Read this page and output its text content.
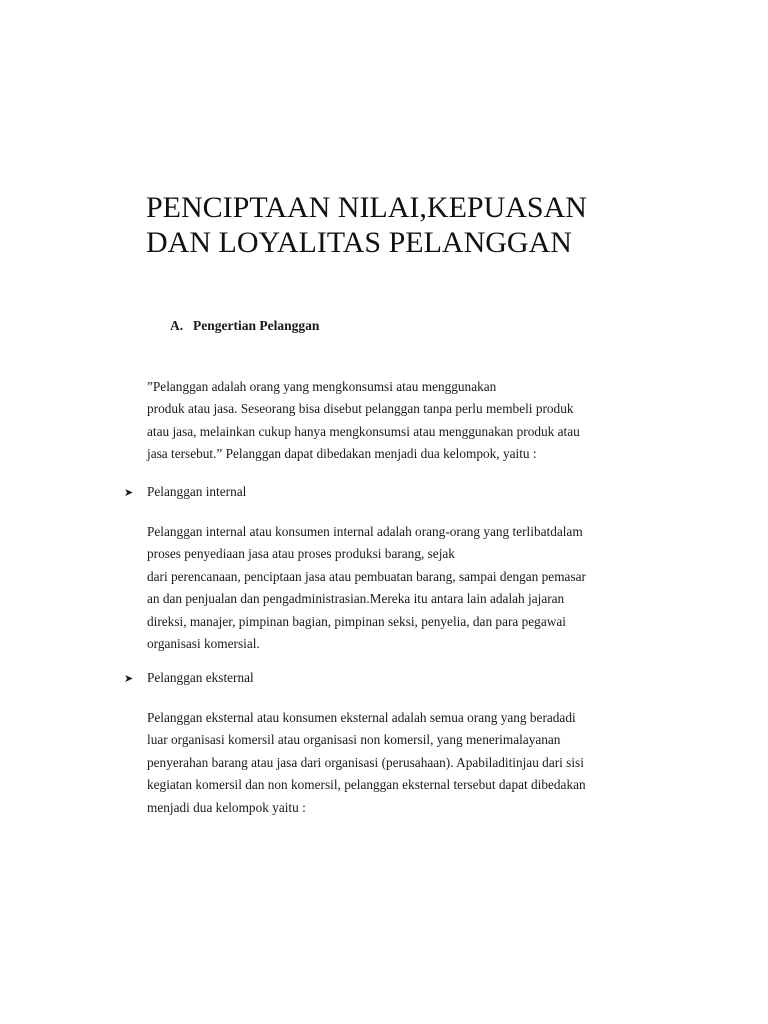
PENCIPTAAN NILAI,KEPUASAN
DAN LOYALITAS PELANGGAN
A. Pengertian Pelanggan

”Pelanggan adalah orang yang mengkonsumsi atau menggunakan
produk atau jasa. Seseorang bisa disebut pelanggan tanpa perlu membeli produk
atau jasa, melainkan cukup hanya mengkonsumsi atau menggunakan produk atau
jasa tersebut.” Pelanggan dapat dibedakan menjadi dua kelompok, yaitu :

➤ Pelanggan internal

Pelanggan internal atau konsumen internal adalah orang-orang yang terlibatdalam
proses penyediaan jasa atau proses produksi barang, sejak
dari perencanaan, penciptaan jasa atau pembuatan barang, sampai dengan pemasar
an dan penjualan dan pengadministrasian.Mereka itu antara lain adalah jajaran
direksi, manajer, pimpinan bagian, pimpinan seksi, penyelia, dan para pegawai
organisasi komersial.

➤ Pelanggan eksternal

Pelanggan eksternal atau konsumen eksternal adalah semua orang yang beradadi
luar organisasi komersil atau organisasi non komersil, yang menerimalayanan
penyerahan barang atau jasa dari organisasi (perusahaan). Apabiladitinjau dari sisi
kegiatan komersil dan non komersil, pelanggan eksternal tersebut dapat dibedakan
menjadi dua kelompok yaitu :
